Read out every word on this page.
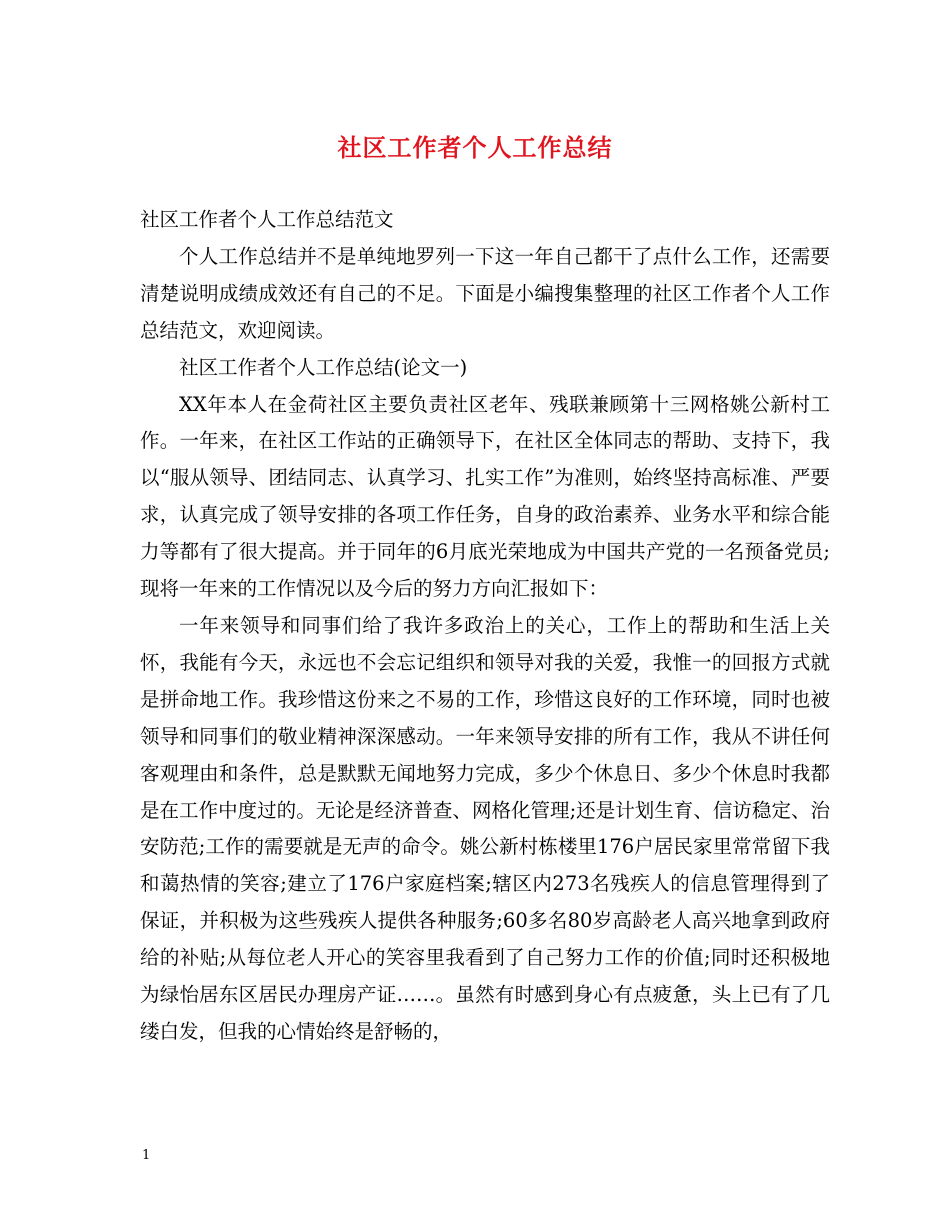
社区工作者个人工作总结

社区工作者个人工作总结范文

个人工作总结并不是单纯地罗列一下这一年自己都干了点什么工作，还需要清楚说明成绩成效还有自己的不足。下面是小编搜集整理的社区工作者个人工作总结范文，欢迎阅读。

社区工作者个人工作总结(论文一)

XX年本人在金荷社区主要负责社区老年、残联兼顾第十三网格姚公新村工作。一年来，在社区工作站的正确领导下，在社区全体同志的帮助、支持下，我以“服从领导、团结同志、认真学习、扎实工作”为准则，始终坚持高标准、严要求，认真完成了领导安排的各项工作任务，自身的政治素养、业务水平和综合能力等都有了很大提高。并于同年的6月底光荣地成为中国共产党的一名预备党员;现将一年来的工作情况以及今后的努力方向汇报如下：

一年来领导和同事们给了我许多政治上的关心，工作上的帮助和生活上关怀，我能有今天，永远也不会忘记组织和领导对我的关爱，我惟一的回报方式就是拼命地工作。我珍惜这份来之不易的工作，珍惜这良好的工作环境，同时也被领导和同事们的敬业精神深深感动。一年来领导安排的所有工作，我从不讲任何客观理由和条件，总是默默无闻地努力完成，多少个休息日、多少个休息时我都是在工作中度过的。无论是经济普查、网格化管理;还是计划生育、信访稳定、治安防范;工作的需要就是无声的命令。姚公新村栋楼里176户居民家里常常留下我和蔼热情的笑容;建立了176户家庭档案;辖区内273名残疾人的信息管理得到了保证，并积极为这些残疾人提供各种服务;60多名80岁高龄老人高兴地拿到政府给的补贴;从每位老人开心的笑容里我看到了自己努力工作的价值;同时还积极地为绿怡居东区居民办理房产证……。虽然有时感到身心有点疲惫，头上已有了几缕白发，但我的心情始终是舒畅的，

1
